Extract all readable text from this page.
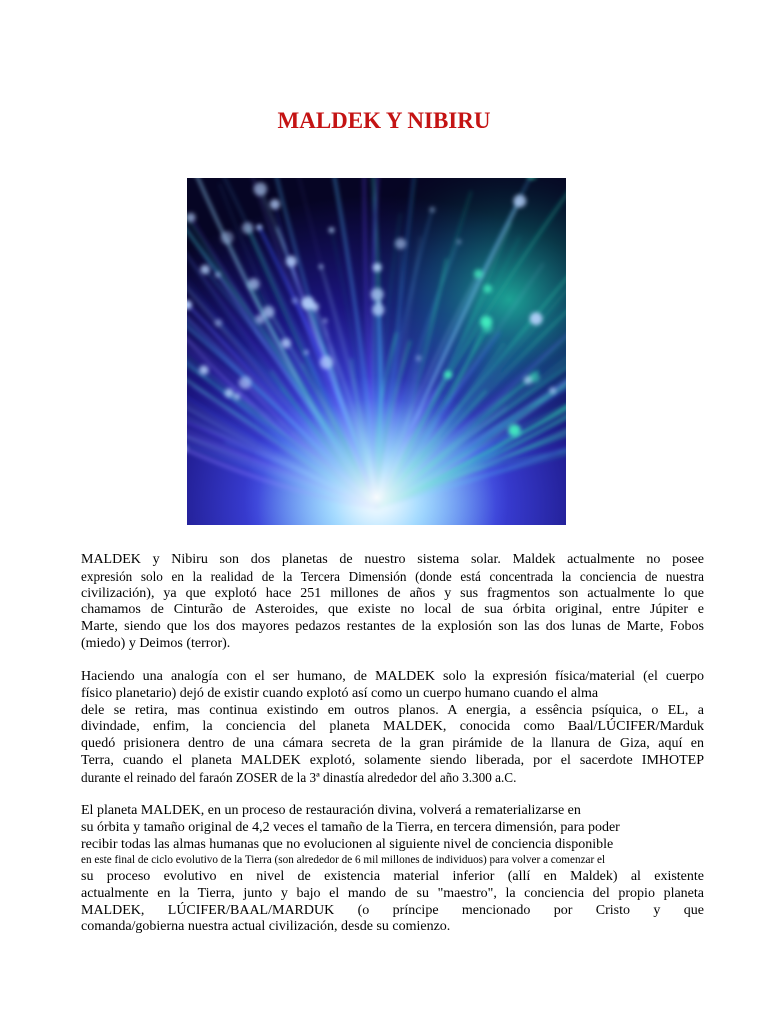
MALDEK Y NIBIRU
MALDEK y Nibiru son dos planetas de nuestro sistema solar. Maldek actualmente no posee
expresión solo en la realidad de la Tercera Dimensión (donde está concentrada la conciencia de nuestra
civilización), ya que explotó hace 251 millones de años y sus fragmentos son actualmente lo que
chamamos de Cinturão de Asteroides, que existe no local de sua órbita original, entre Júpiter e
Marte, siendo que los dos mayores pedazos restantes de la explosión son las dos lunas de Marte, Fobos
(miedo) y Deimos (terror).
Haciendo una analogía con el ser humano, de MALDEK solo la expresión física/material (el cuerpo
físico planetario) dejó de existir cuando explotó así como un cuerpo humano cuando el alma
dele se retira, mas continua existindo em outros planos. A energia, a essência psíquica, o EL, a
divindade, enfim, la conciencia del planeta MALDEK, conocida como Baal/LÚCIFER/Marduk
quedó prisionera dentro de una cámara secreta de la gran pirámide de la llanura de Giza, aquí en
Terra, cuando el planeta MALDEK explotó, solamente siendo liberada, por el sacerdote IMHOTEP
durante el reinado del faraón ZOSER de la 3ª dinastía alrededor del año 3.300 a.C.
El planeta MALDEK, en un proceso de restauración divina, volverá a rematerializarse en
su órbita y tamaño original de 4,2 veces el tamaño de la Tierra, en tercera dimensión, para poder
recibir todas las almas humanas que no evolucionen al siguiente nivel de conciencia disponible
en este final de ciclo evolutivo de la Tierra (son alrededor de 6 mil millones de individuos) para volver a comenzar el
su proceso evolutivo en nivel de existencia material inferior (allí en Maldek) al existente
actualmente en la Tierra, junto y bajo el mando de su "maestro", la conciencia del propio planeta
MALDEK, LÚCIFER/BAAL/MARDUK (o príncipe mencionado por Cristo y que
comanda/gobierna nuestra actual civilización, desde su comienzo.
